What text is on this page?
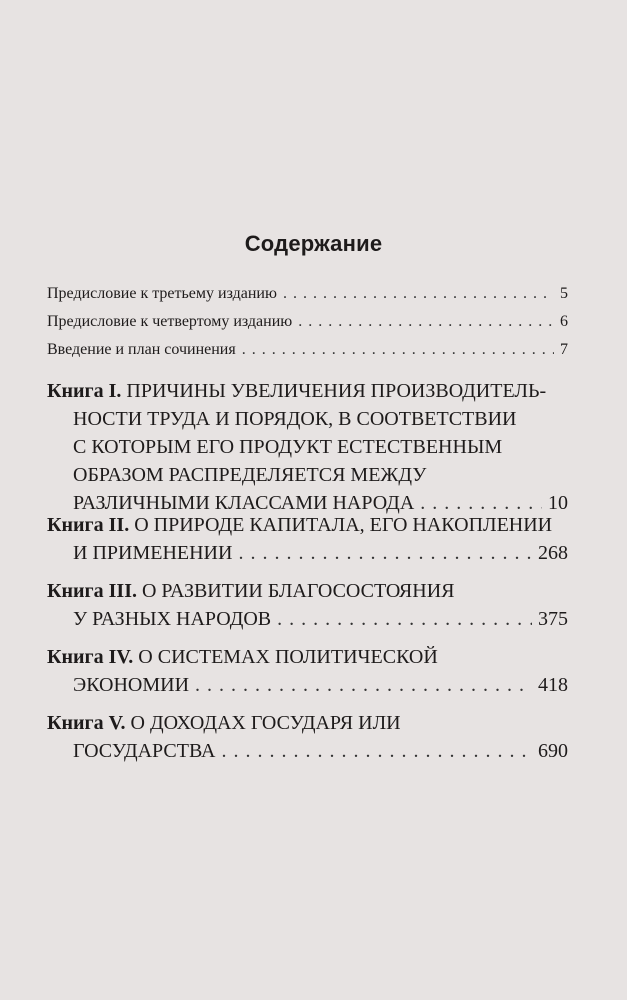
Содержание
Предисловие к третьему изданию . . .	5
Предисловие к четвертому изданию . . .	6
Введение и план сочинения . . .	7
Книга I.
ПРИЧИНЫ УВЕЛИЧЕНИЯ ПРОИЗВОДИТЕЛЬ-
НОСТИ ТРУДА И ПОРЯДОК, В СООТВЕТСТВИИ
С КОТОРЫМ ЕГО ПРОДУКТ ЕСТЕСТВЕННЫМ
ОБРАЗОМ РАСПРЕДЕЛЯЕТСЯ МЕЖДУ
РАЗЛИЧНЫМИ КЛАССАМИ НАРОДА . . .	10
Книга II.
О ПРИРОДЕ КАПИТАЛА, ЕГО НАКОПЛЕНИИ
И ПРИМЕНЕНИИ . . .	268
Книга III.
О РАЗВИТИИ БЛАГОСОСТОЯНИЯ
У РАЗНЫХ НАРОДОВ . . .	375
Книга IV.
О СИСТЕМАХ ПОЛИТИЧЕСКОЙ
ЭКОНОМИИ . . .	418
Книга V.
О ДОХОДАХ ГОСУДАРЯ ИЛИ
ГОСУДАРСТВА . . .	690
